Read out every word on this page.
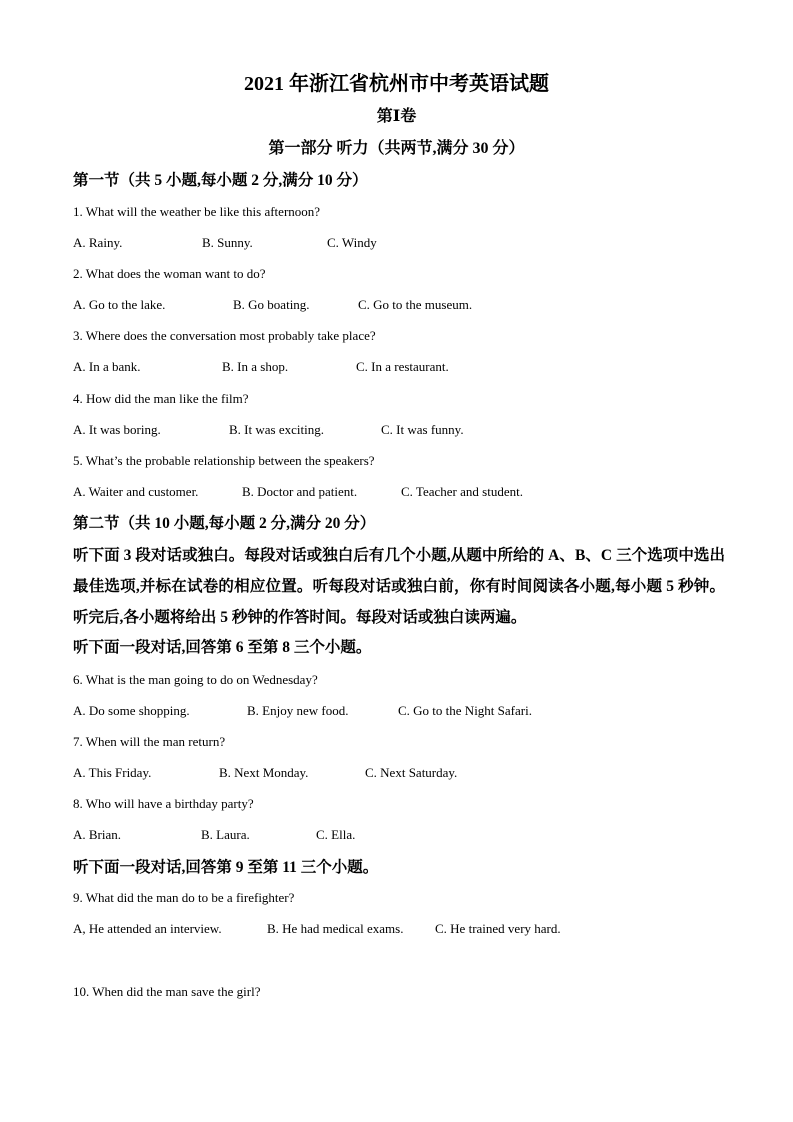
2021 年浙江省杭州市中考英语试题
第Ⅰ卷
第一部分 听力（共两节,满分 30 分）
第一节（共 5 小题,每小题 2 分,满分 10 分）
1. What will the weather be like this afternoon?
A. Rainy.	B. Sunny.	C. Windy
2. What does the woman want to do?
A. Go to the lake.	B. Go boating.	C. Go to the museum.
3. Where does the conversation most probably take place?
A. In a bank.	B. In a shop.	C. In a restaurant.
4. How did the man like the film?
A. It was boring.	B. It was exciting.	C. It was funny.
5. What’s the probable relationship between the speakers?
A. Waiter and customer.	B. Doctor and patient.	C. Teacher and student.
第二节（共 10 小题,每小题 2 分,满分 20 分）
听下面 3 段对话或独白。每段对话或独白后有几个小题,从题中所给的 A、B、C 三个选项中选出最佳选项,并标在试卷的相应位置。听每段对话或独白前，你有时间阅读各小题,每小题 5 秒钟。听完后,各小题将给出 5 秒钟的作答时间。每段对话或独白读两遍。
听下面一段对话,回答第 6 至第 8 三个小题。
6. What is the man going to do on Wednesday?
A. Do some shopping.	B. Enjoy new food.	C. Go to the Night Safari.
7. When will the man return?
A. This Friday.	B. Next Monday.	C. Next Saturday.
8. Who will have a birthday party?
A. Brian.	B. Laura.	C. Ella.
听下面一段对话,回答第 9 至第 11 三个小题。
9. What did the man do to be a firefighter?
A, He attended an interview.	B. He had medical exams. C. He trained very hard.
10. When did the man save the girl?
